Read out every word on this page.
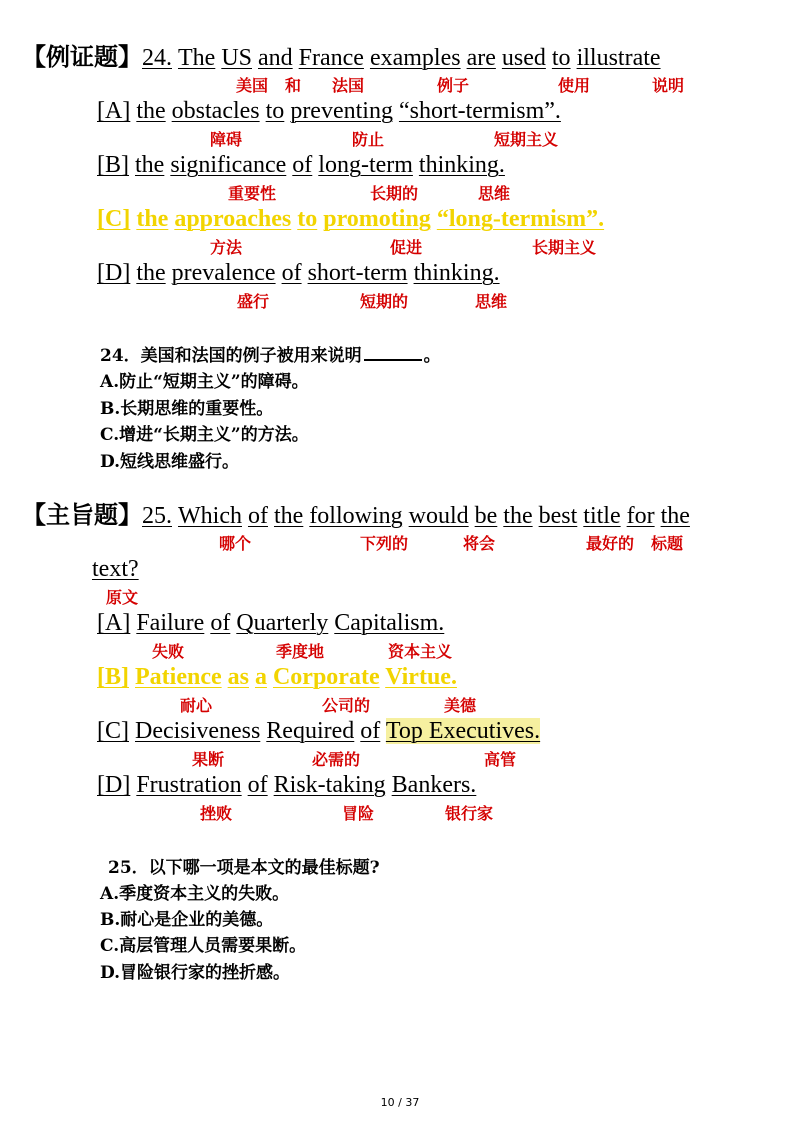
【例证题】24. The US and France examples are used to illustrate
美国 和 法国	例子	使用	说明
[A] the obstacles to preventing “short-termism”.
障碍	防止	短期主义
[B] the significance of long-term thinking.
重要性	长期的	思维
[C] the approaches to promoting “long-termism”.
方法	促进	长期主义
[D] the prevalence of short-term thinking.
盛行	短期的	思维
24．美国和法国的例子被用来说明	。
A.防止“短期主义”的障碍。
B.长期思维的重要性。
C.增进“长期主义”的方法。
D.短线思维盛行。
【主旨题】25. Which of the following would be the best title for the
哪个	下列的	将会	最好的 标题
text?
原文
[A] Failure of Quarterly Capitalism.
失败	季度地	资本主义
[B] Patience as a Corporate Virtue.
耐心	公司的	美德
[C] Decisiveness Required of Top Executives.
果断	必需的	高管
[D] Frustration of Risk-taking Bankers.
挫败	冒险	银行家
25．以下哪一项是本文的最佳标题?
A.季度资本主义的失败。
B.耐心是企业的美德。
C.高层管理人员需要果断。
D.冒险银行家的挫折感。
10 / 37
